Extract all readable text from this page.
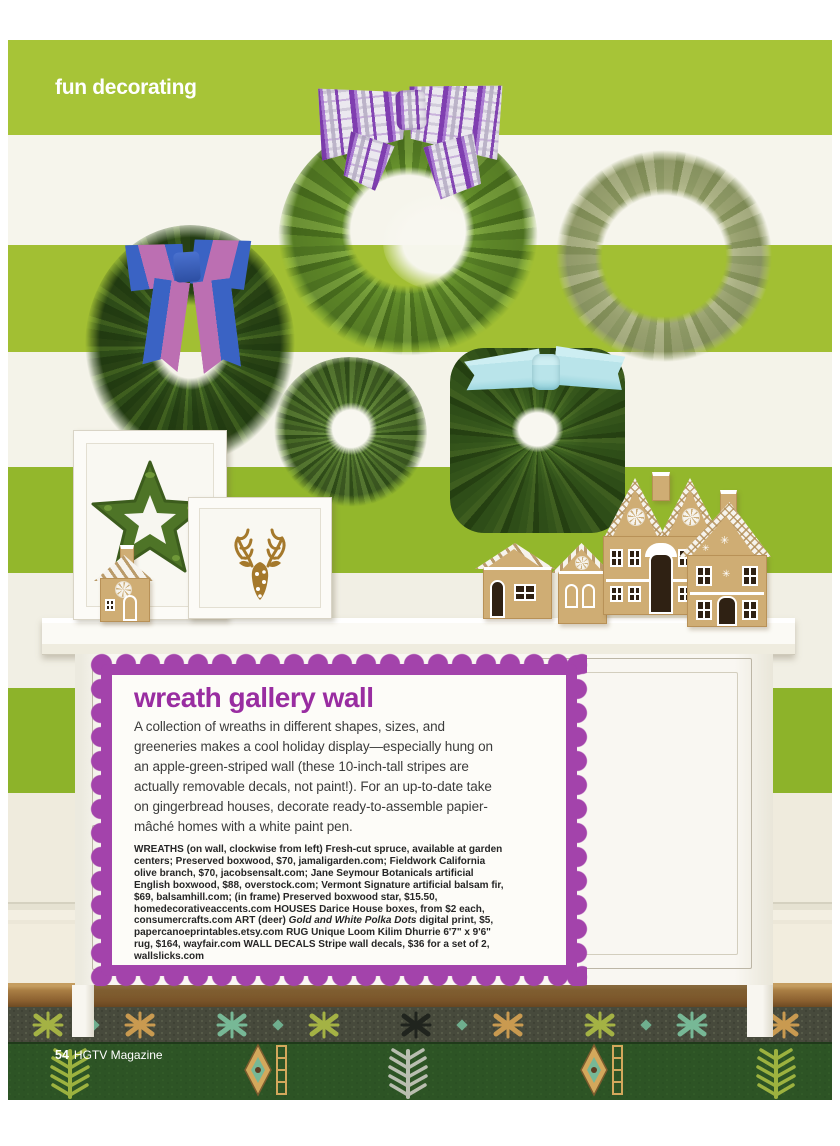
fun decorating
✳
✳
✳
wreath gallery wall

A collection of wreaths in different shapes, sizes, and greeneries makes a cool holiday display—especially hung on an apple-green-striped wall (these 10-inch-tall stripes are actually removable decals, not paint!). For an up-to-date take on gingerbread houses, decorate ready-to-assemble papier-mâché homes with a white paint pen.

WREATHS (on wall, clockwise from left) Fresh-cut spruce, available at garden centers; Preserved boxwood, $70, jamaligarden.com; Fieldwork California olive branch, $70, jacobsensalt.com; Jane Seymour Botanicals artificial English boxwood, $88, overstock.com; Vermont Signature artificial balsam fir, $69, balsamhill.com; (in frame) Preserved boxwood star, $15.50, homedecorativeaccents.com HOUSES Darice House boxes, from $2 each, consumercrafts.com ART (deer) Gold and White Polka Dots digital print, $5, papercanoeprintables.etsy.com RUG Unique Loom Kilim Dhurrie 6'7" x 9'6" rug, $164, wayfair.com WALL DECALS Stripe wall decals, $36 for a set of 2, wallslicks.com

54 HGTV Magazine
